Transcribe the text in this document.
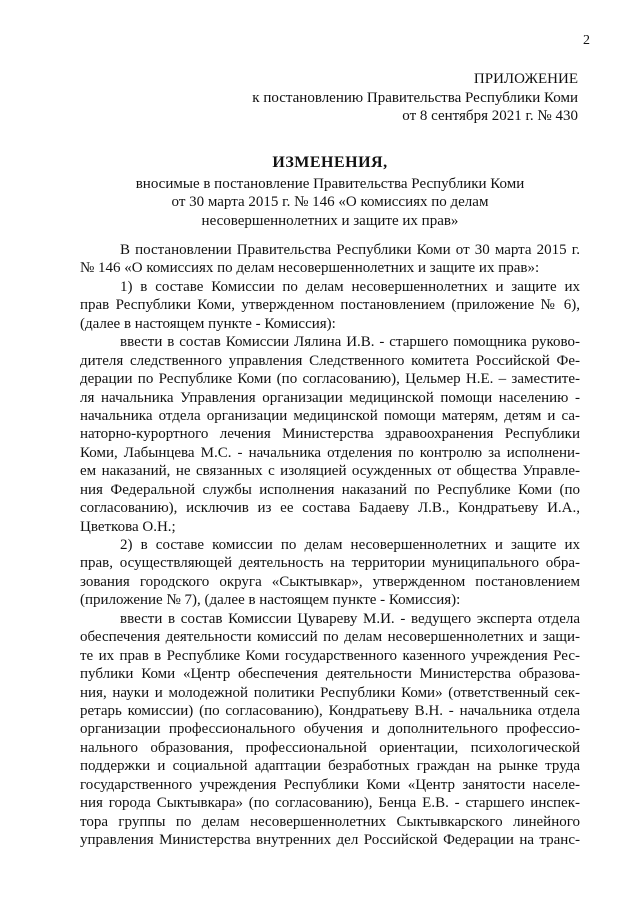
2
ПРИЛОЖЕНИЕ
к постановлению Правительства Республики Коми
от 8 сентября 2021 г. № 430
ИЗМЕНЕНИЯ,
вносимые в постановление Правительства Республики Коми
от 30 марта 2015 г. № 146 «О комиссиях по делам
несовершеннолетних и защите их прав»
В постановлении Правительства Республики Коми от 30 марта 2015 г.
№ 146 «О комиссиях по делам несовершеннолетних и защите их прав»:
1) в составе Комиссии по делам несовершеннолетних и защите их
прав Республики Коми, утвержденном постановлением (приложение № 6),
(далее в настоящем пункте - Комиссия):
ввести в состав Комиссии Лялина И.В. - старшего помощника руково-
дителя следственного управления Следственного комитета Российской Фе-
дерации по Республике Коми (по согласованию), Цельмер Н.Е. – заместите-
ля начальника Управления организации медицинской помощи населению -
начальника отдела организации медицинской помощи матерям, детям и са-
наторно-курортного лечения Министерства здравоохранения Республики
Коми, Лабынцева М.С. - начальника отделения по контролю за исполнени-
ем наказаний, не связанных с изоляцией осужденных от общества Управле-
ния Федеральной службы исполнения наказаний по Республике Коми (по
согласованию), исключив из ее состава Бадаеву Л.В., Кондратьеву И.А.,
Цветкова О.Н.;
2) в составе комиссии по делам несовершеннолетних и защите их
прав, осуществляющей деятельность на территории муниципального обра-
зования городского округа «Сыктывкар», утвержденном постановлением
(приложение № 7), (далее в настоящем пункте - Комиссия):
ввести в состав Комиссии Цувареву М.И. - ведущего эксперта отдела
обеспечения деятельности комиссий по делам несовершеннолетних и защи-
те их прав в Республике Коми государственного казенного учреждения Рес-
публики Коми «Центр обеспечения деятельности Министерства образова-
ния, науки и молодежной политики Республики Коми» (ответственный сек-
ретарь комиссии) (по согласованию), Кондратьеву В.Н. - начальника отдела
организации профессионального обучения и дополнительного профессио-
нального образования, профессиональной ориентации, психологической
поддержки и социальной адаптации безработных граждан на рынке труда
государственного учреждения Республики Коми «Центр занятости населе-
ния города Сыктывкара» (по согласованию), Бенца Е.В. - старшего инспек-
тора группы по делам несовершеннолетних Сыктывкарского линейного
управления Министерства внутренних дел Российской Федерации на транс-
